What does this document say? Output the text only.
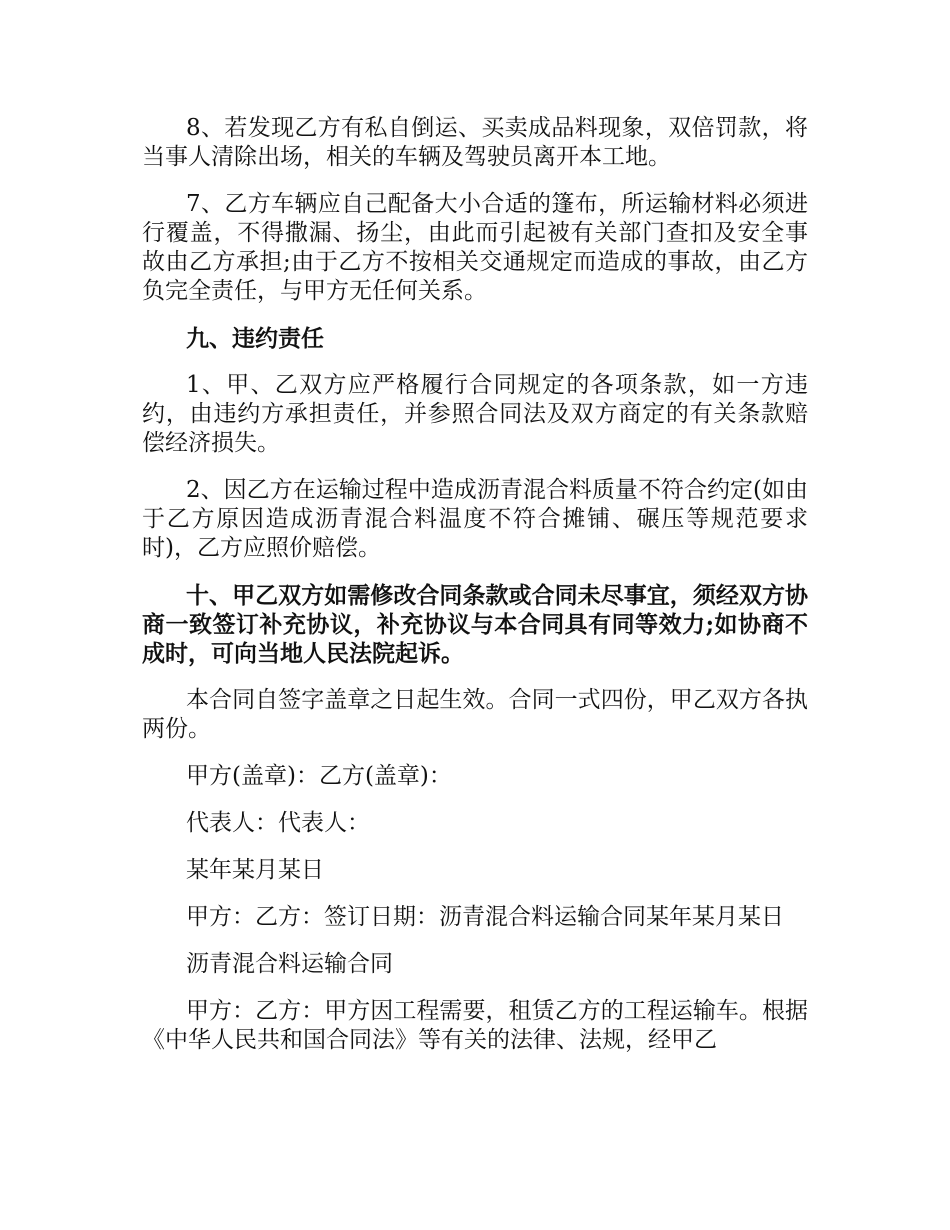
8、若发现乙方有私自倒运、买卖成品料现象，双倍罚款，将当事人清除出场，相关的车辆及驾驶员离开本工地。

7、乙方车辆应自己配备大小合适的篷布，所运输材料必须进行覆盖，不得撒漏、扬尘，由此而引起被有关部门查扣及安全事故由乙方承担;由于乙方不按相关交通规定而造成的事故，由乙方负完全责任，与甲方无任何关系。

九、违约责任

1、甲、乙双方应严格履行合同规定的各项条款，如一方违约，由违约方承担责任，并参照合同法及双方商定的有关条款赔偿经济损失。

2、因乙方在运输过程中造成沥青混合料质量不符合约定(如由于乙方原因造成沥青混合料温度不符合摊铺、碾压等规范要求时)，乙方应照价赔偿。

十、甲乙双方如需修改合同条款或合同未尽事宜，须经双方协商一致签订补充协议，补充协议与本合同具有同等效力;如协商不成时，可向当地人民法院起诉。

本合同自签字盖章之日起生效。合同一式四份，甲乙双方各执两份。

甲方(盖章)：乙方(盖章)：

代表人：代表人：

某年某月某日

甲方：乙方：签订日期：沥青混合料运输合同某年某月某日

沥青混合料运输合同

甲方：乙方：甲方因工程需要，租赁乙方的工程运输车。根据《中华人民共和国合同法》等有关的法律、法规，经甲乙
